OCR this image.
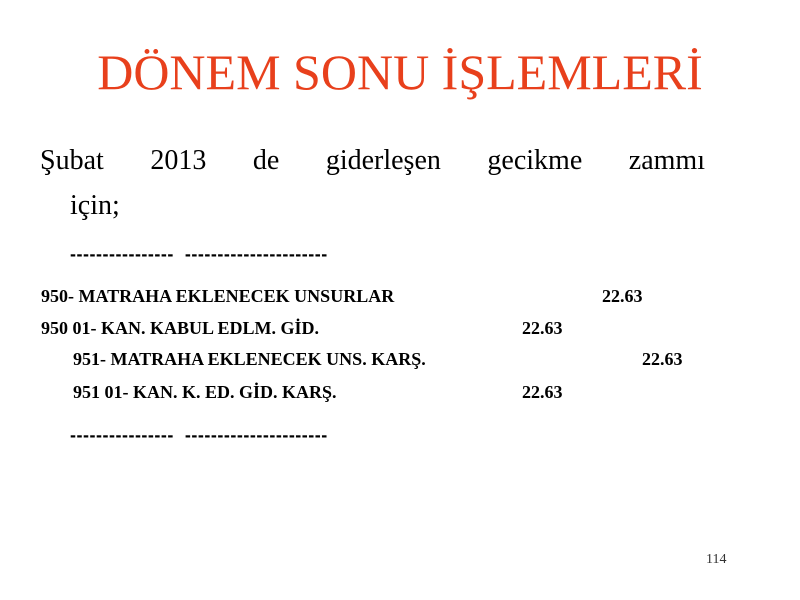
DÖNEM SONU İŞLEMLERİ
Şubat 2013 de giderleşen gecikme zammı
için;
----------------  ----------------------
950- MATRAHA EKLENECEK UNSURLAR	22.63
950 01- KAN. KABUL EDLM. GİD.	22.63
951- MATRAHA EKLENECEK UNS. KARŞ.	22.63
951 01- KAN. K. ED. GİD. KARŞ.	22.63
----------------  ----------------------
114
